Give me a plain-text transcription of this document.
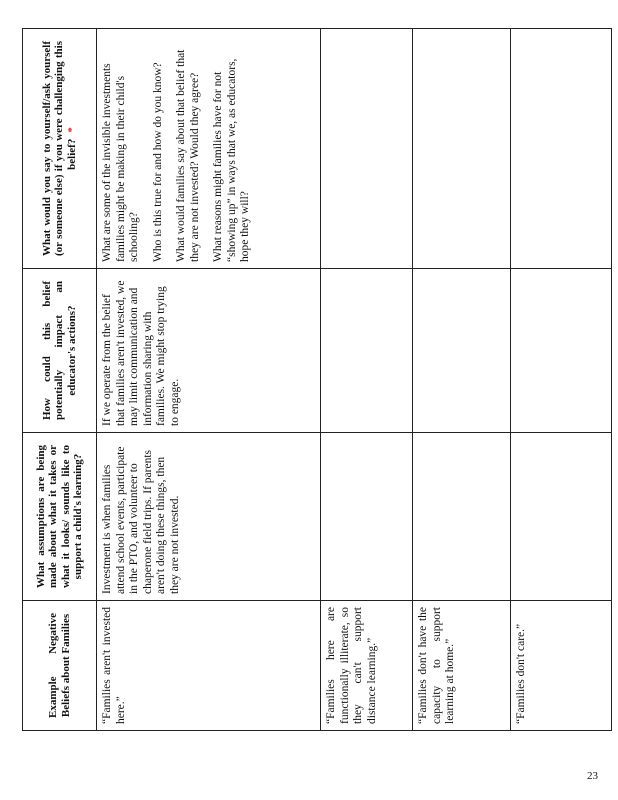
Example Negative Beliefs about Families	What assumptions are being made about what it takes or what it looks/ sounds like to support a child's learning?	How could this belief potentially impact an educator's actions?	What would you say to yourself/ask yourself (or someone else) if you were challenging this belief?*

“Families aren't invested here.”	Investment is when families attend school events, participate in the PTO, and volunteer to chaperone field trips. If parents aren't doing these things, then they are not invested.	If we operate from the belief that families aren't invested, we may limit communication and information sharing with families. We might stop trying to engage.	What are some of the invisible investments families might be making in their child's schooling? Who is this true for and how do you know? What would families say about that belief that they are not invested? Would they agree? What reasons might families have for not “showing up” in ways that we, as educators, hope they will?

“Families here are functionally illiterate, so they can't support distance learning.”			

“Families don't have the capacity to support learning at home.”			

“Families don't care.”			

23
